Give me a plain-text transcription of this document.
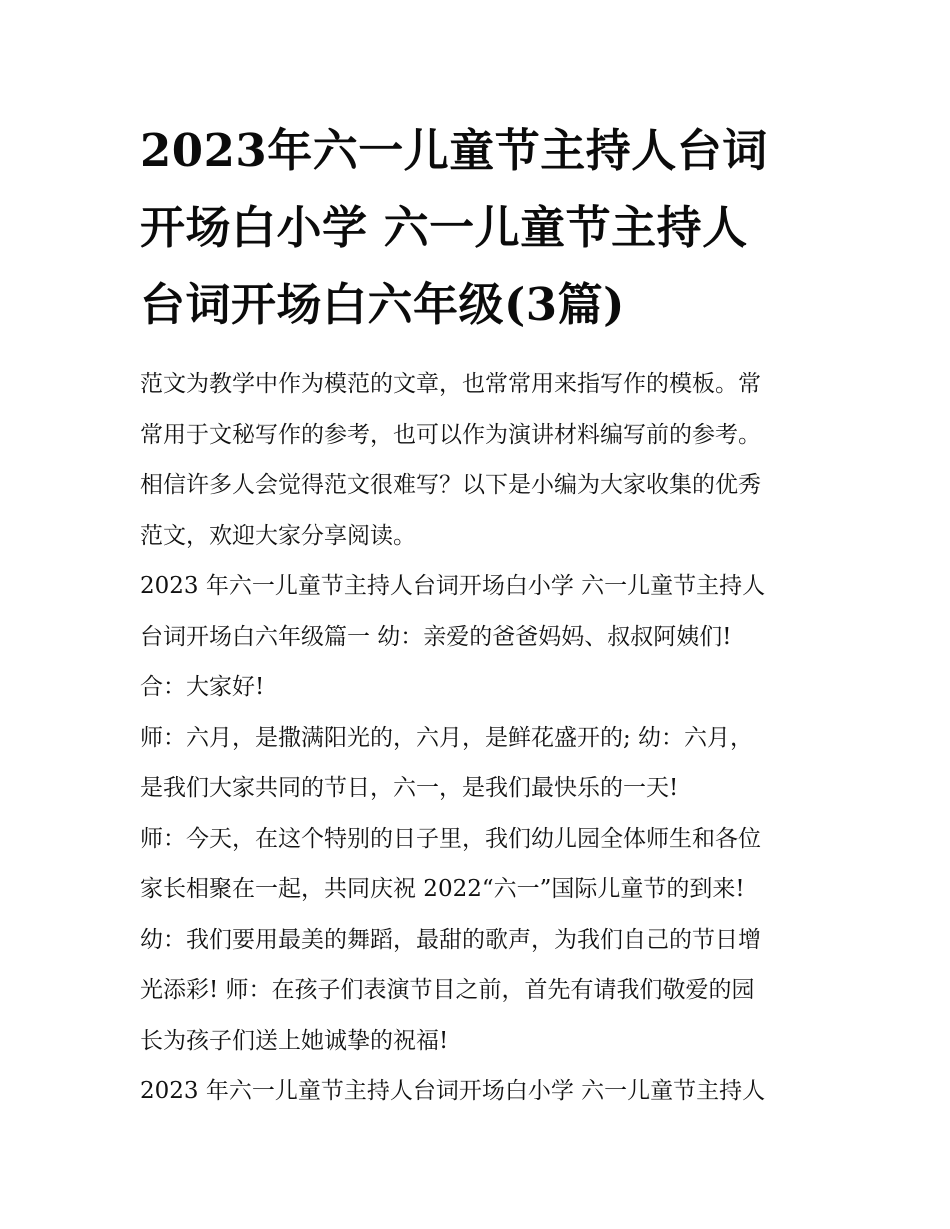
2023年六一儿童节主持人台词
开场白小学 六一儿童节主持人
台词开场白六年级(3篇)
范文为教学中作为模范的文章，也常常用来指写作的模板。常
常用于文秘写作的参考，也可以作为演讲材料编写前的参考。
相信许多人会觉得范文很难写？以下是小编为大家收集的优秀
范文，欢迎大家分享阅读。
2023 年六一儿童节主持人台词开场白小学 六一儿童节主持人
台词开场白六年级篇一 幼：亲爱的爸爸妈妈、叔叔阿姨们!
合：大家好!
师：六月，是撒满阳光的，六月，是鲜花盛开的; 幼：六月，
是我们大家共同的节日，六一，是我们最快乐的一天!
师：今天，在这个特别的日子里，我们幼儿园全体师生和各位
家长相聚在一起，共同庆祝 2022“六一”国际儿童节的到来!
幼：我们要用最美的舞蹈，最甜的歌声，为我们自己的节日增
光添彩! 师：在孩子们表演节目之前，首先有请我们敬爱的园
长为孩子们送上她诚挚的祝福!
2023 年六一儿童节主持人台词开场白小学 六一儿童节主持人
